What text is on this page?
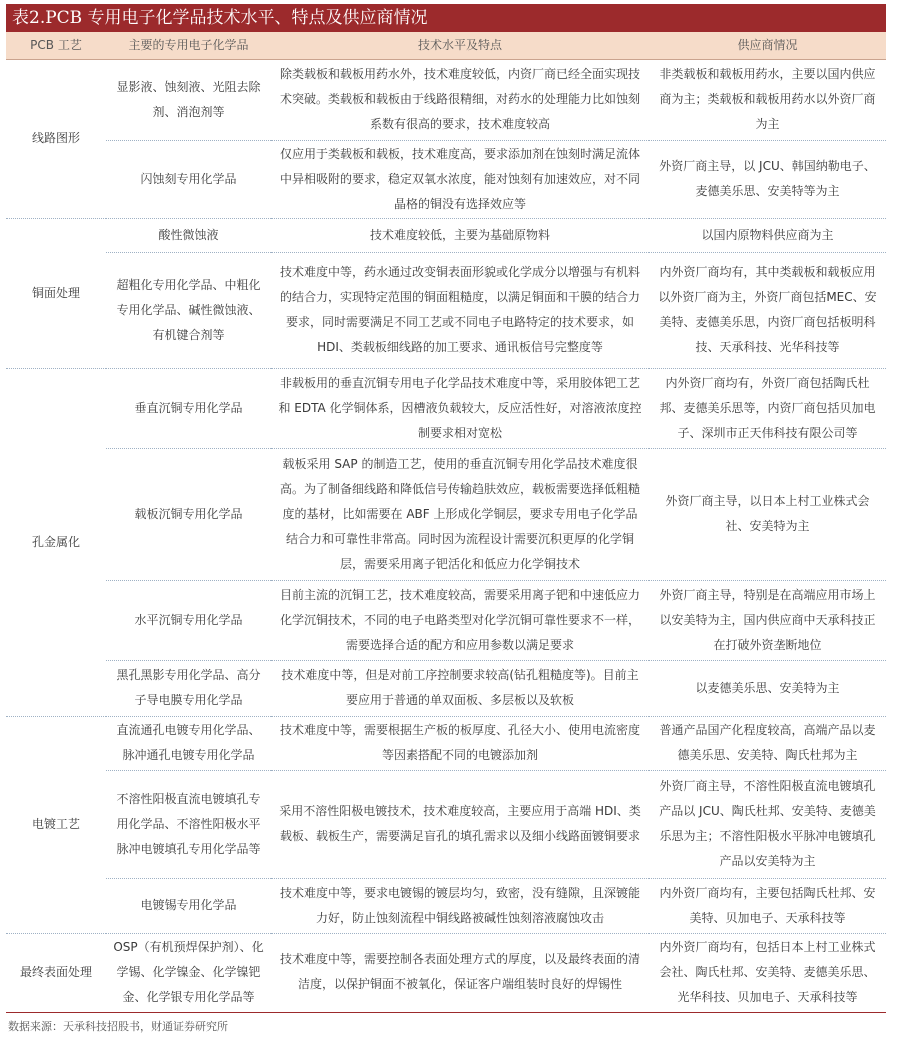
表2.PCB 专用电子化学品技术水平、特点及供应商情况
PCB 工艺	主要的专用电子化学品	技术水平及特点	供应商情况
线路图形	显影液、蚀刻液、光阻去除剂、消泡剂等	除类载板和载板用药水外，技术难度较低，内资厂商已经全面实现技术突破。类载板和载板由于线路很精细，对药水的处理能力比如蚀刻系数有很高的要求，技术难度较高	非类载板和载板用药水，主要以国内供应商为主；类载板和载板用药水以外资厂商为主
	闪蚀刻专用化学品	仅应用于类载板和载板，技术难度高，要求添加剂在蚀刻时满足流体中异相吸附的要求，稳定双氧水浓度，能对蚀刻有加速效应，对不同晶格的铜没有选择效应等	外资厂商主导，以 JCU、韩国纳勒电子、麦德美乐思、安美特等为主
铜面处理	酸性微蚀液	技术难度较低，主要为基础原物料	以国内原物料供应商为主
	超粗化专用化学品、中粗化专用化学品、碱性微蚀液、有机键合剂等	技术难度中等，药水通过改变铜表面形貌或化学成分以增强与有机料的结合力，实现特定范围的铜面粗糙度，以满足铜面和干膜的结合力要求，同时需要满足不同工艺或不同电子电路特定的技术要求，如 HDI、类载板细线路的加工要求、通讯板信号完整度等	内外资厂商均有，其中类载板和载板应用以外资厂商为主，外资厂商包括MEC、安美特、麦德美乐思，内资厂商包括板明科技、天承科技、光华科技等
孔金属化	垂直沉铜专用化学品	非载板用的垂直沉铜专用电子化学品技术难度中等，采用胶体钯工艺和 EDTA 化学铜体系，因槽液负载较大，反应活性好，对溶液浓度控制要求相对宽松	内外资厂商均有，外资厂商包括陶氏杜邦、麦德美乐思等，内资厂商包括贝加电子、深圳市正天伟科技有限公司等
	载板沉铜专用化学品	载板采用 SAP 的制造工艺，使用的垂直沉铜专用化学品技术难度很高。为了制备细线路和降低信号传输趋肤效应，载板需要选择低粗糙度的基材，比如需要在 ABF 上形成化学铜层，要求专用电子化学品结合力和可靠性非常高。同时因为流程设计需要沉积更厚的化学铜层，需要采用离子钯活化和低应力化学铜技术	外资厂商主导，以日本上村工业株式会社、安美特为主
	水平沉铜专用化学品	目前主流的沉铜工艺，技术难度较高，需要采用离子钯和中速低应力化学沉铜技术，不同的电子电路类型对化学沉铜可靠性要求不一样，需要选择合适的配方和应用参数以满足要求	外资厂商主导，特别是在高端应用市场上以安美特为主，国内供应商中天承科技正在打破外资垄断地位
	黑孔黑影专用化学品、高分子导电膜专用化学品	技术难度中等，但是对前工序控制要求较高(钻孔粗糙度等)。目前主要应用于普通的单双面板、多层板以及软板	以麦德美乐思、安美特为主
电镀工艺	直流通孔电镀专用化学品、脉冲通孔电镀专用化学品	技术难度中等，需要根据生产板的板厚度、孔径大小、使用电流密度等因素搭配不同的电镀添加剂	普通产品国产化程度较高，高端产品以麦德美乐思、安美特、陶氏杜邦为主
	不溶性阳极直流电镀填孔专用化学品、不溶性阳极水平脉冲电镀填孔专用化学品等	采用不溶性阳极电镀技术，技术难度较高，主要应用于高端 HDI、类载板、载板生产，需要满足盲孔的填孔需求以及细小线路面镀铜要求	外资厂商主导，不溶性阳极直流电镀填孔产品以 JCU、陶氏杜邦、安美特、麦德美乐思为主；不溶性阳极水平脉冲电镀填孔产品以安美特为主
	电镀锡专用化学品	技术难度中等，要求电镀锡的镀层均匀，致密，没有缝隙，且深镀能力好，防止蚀刻流程中铜线路被碱性蚀刻溶液腐蚀攻击	内外资厂商均有，主要包括陶氏杜邦、安美特、贝加电子、天承科技等
最终表面处理	OSP（有机预焊保护剂）、化学锡、化学镍金、化学镍钯金、化学银专用化学品等	技术难度中等，需要控制各表面处理方式的厚度，以及最终表面的清洁度，以保护铜面不被氧化，保证客户端组装时良好的焊锡性	内外资厂商均有，包括日本上村工业株式会社、陶氏杜邦、安美特、麦德美乐思、光华科技、贝加电子、天承科技等
数据来源：天承科技招股书，财通证券研究所
